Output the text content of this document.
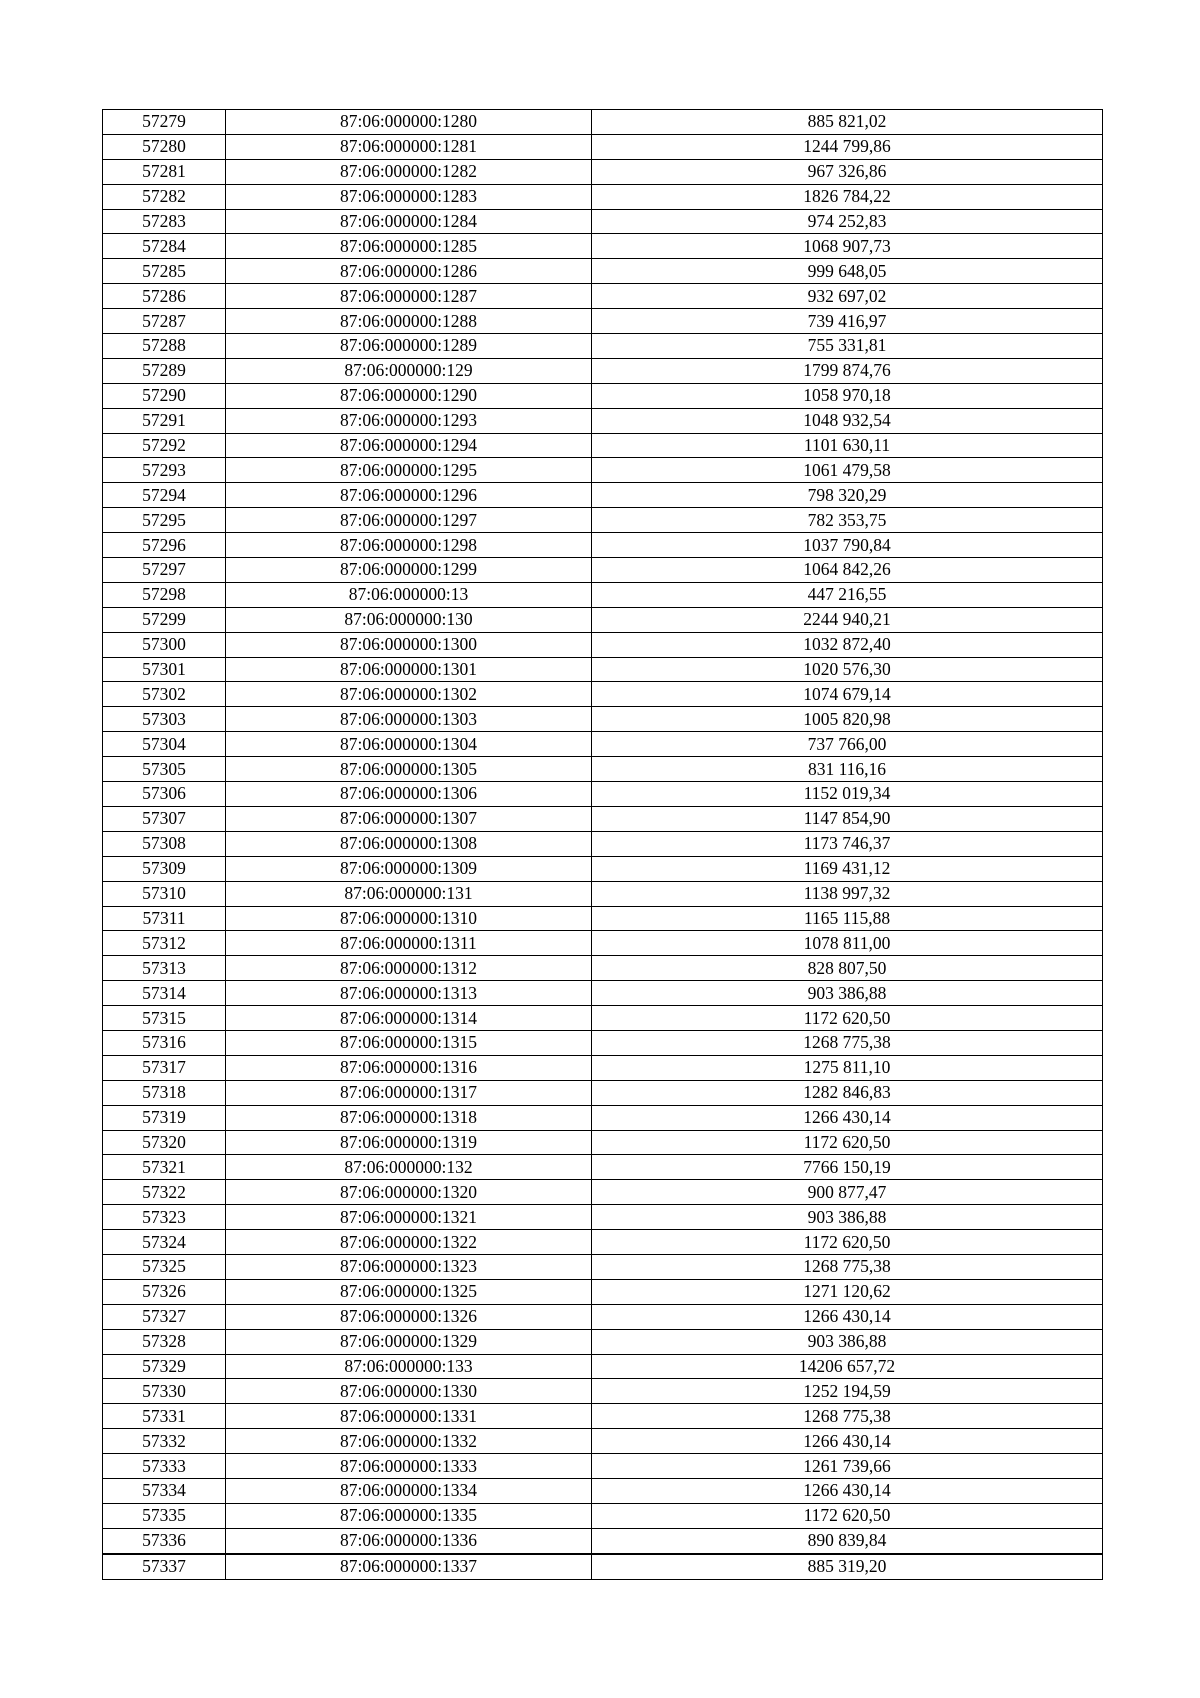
57279	87:06:000000:1280	885 821,02
57280	87:06:000000:1281	1244 799,86
57281	87:06:000000:1282	967 326,86
57282	87:06:000000:1283	1826 784,22
57283	87:06:000000:1284	974 252,83
57284	87:06:000000:1285	1068 907,73
57285	87:06:000000:1286	999 648,05
57286	87:06:000000:1287	932 697,02
57287	87:06:000000:1288	739 416,97
57288	87:06:000000:1289	755 331,81
57289	87:06:000000:129	1799 874,76
57290	87:06:000000:1290	1058 970,18
57291	87:06:000000:1293	1048 932,54
57292	87:06:000000:1294	1101 630,11
57293	87:06:000000:1295	1061 479,58
57294	87:06:000000:1296	798 320,29
57295	87:06:000000:1297	782 353,75
57296	87:06:000000:1298	1037 790,84
57297	87:06:000000:1299	1064 842,26
57298	87:06:000000:13	447 216,55
57299	87:06:000000:130	2244 940,21
57300	87:06:000000:1300	1032 872,40
57301	87:06:000000:1301	1020 576,30
57302	87:06:000000:1302	1074 679,14
57303	87:06:000000:1303	1005 820,98
57304	87:06:000000:1304	737 766,00
57305	87:06:000000:1305	831 116,16
57306	87:06:000000:1306	1152 019,34
57307	87:06:000000:1307	1147 854,90
57308	87:06:000000:1308	1173 746,37
57309	87:06:000000:1309	1169 431,12
57310	87:06:000000:131	1138 997,32
57311	87:06:000000:1310	1165 115,88
57312	87:06:000000:1311	1078 811,00
57313	87:06:000000:1312	828 807,50
57314	87:06:000000:1313	903 386,88
57315	87:06:000000:1314	1172 620,50
57316	87:06:000000:1315	1268 775,38
57317	87:06:000000:1316	1275 811,10
57318	87:06:000000:1317	1282 846,83
57319	87:06:000000:1318	1266 430,14
57320	87:06:000000:1319	1172 620,50
57321	87:06:000000:132	7766 150,19
57322	87:06:000000:1320	900 877,47
57323	87:06:000000:1321	903 386,88
57324	87:06:000000:1322	1172 620,50
57325	87:06:000000:1323	1268 775,38
57326	87:06:000000:1325	1271 120,62
57327	87:06:000000:1326	1266 430,14
57328	87:06:000000:1329	903 386,88
57329	87:06:000000:133	14206 657,72
57330	87:06:000000:1330	1252 194,59
57331	87:06:000000:1331	1268 775,38
57332	87:06:000000:1332	1266 430,14
57333	87:06:000000:1333	1261 739,66
57334	87:06:000000:1334	1266 430,14
57335	87:06:000000:1335	1172 620,50
57336	87:06:000000:1336	890 839,84
57337	87:06:000000:1337	885 319,20
